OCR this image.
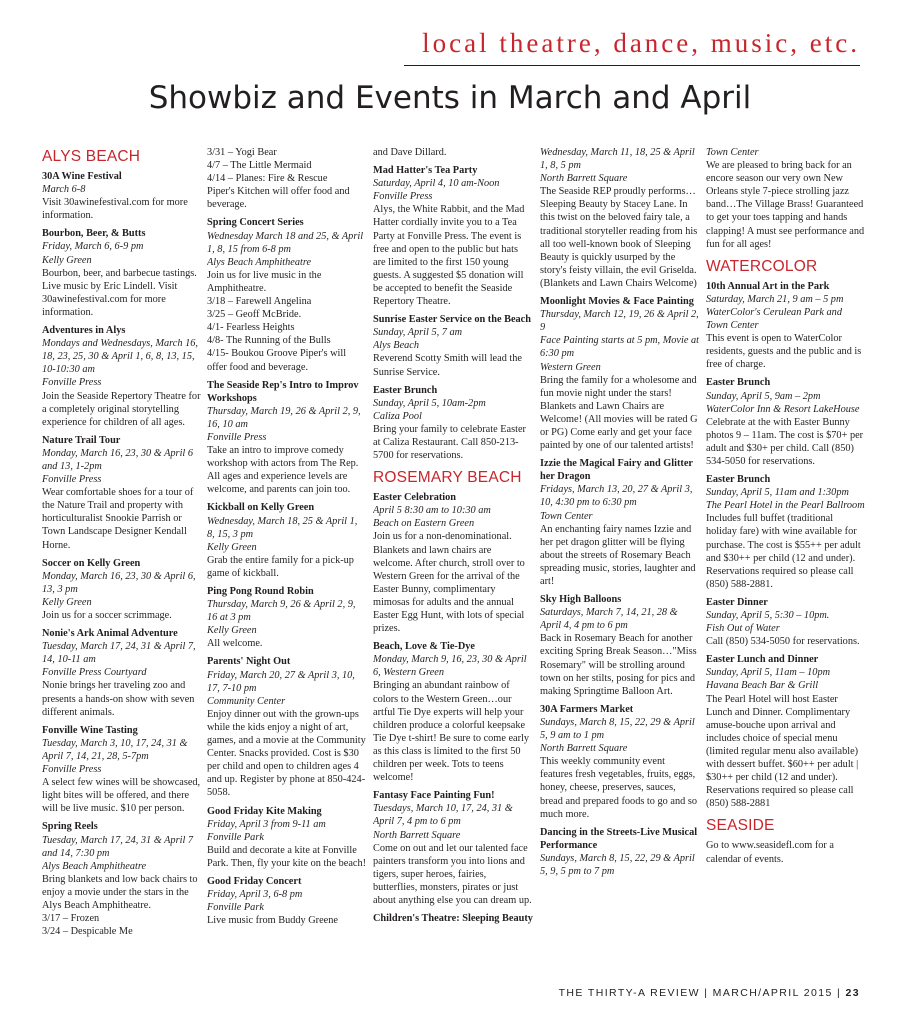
local theatre, dance, music, etc.
Showbiz and Events in March and April
ALYS BEACH

30A Wine Festival

March 6-8

Visit 30awinefestival.com for more information.

Bourbon, Beer, & Butts

Friday, March 6, 6-9 pm

Kelly Green

Bourbon, beer, and barbecue tastings. Live music by Eric Lindell. Visit 30awinefestival.com for more information.

Adventures in Alys

Mondays and Wednesdays, March 16, 18, 23, 25, 30 & April 1, 6, 8, 13, 15, 10-10:30 am

Fonville Press

Join the Seaside Repertory Theatre for a completely original storytelling experience for children of all ages.

Nature Trail Tour

Monday, March 16, 23, 30 & April 6 and 13, 1-2pm

Fonville Press

Wear comfortable shoes for a tour of the Nature Trail and property with horticulturalist Snookie Parrish or Town Landscape Designer Kendall Horne.

Soccer on Kelly Green

Monday, March 16, 23, 30 & April 6, 13, 3 pm

Kelly Green

Join us for a soccer scrimmage.

Nonie's Ark Animal Adventure

Tuesday, March 17, 24, 31 & April 7, 14, 10-11 am

Fonville Press Courtyard

Nonie brings her traveling zoo and presents a hands-on show with seven different animals.

Fonville Wine Tasting

Tuesday, March 3, 10, 17, 24, 31 & April 7, 14, 21, 28, 5-7pm

Fonville Press

A select few wines will be showcased, light bites will be offered, and there will be live music. $10 per person.

Spring Reels

Tuesday, March 17, 24, 31 & April 7 and 14, 7:30 pm

Alys Beach Amphitheatre

Bring blankets and low back chairs to enjoy a movie under the stars in the Alys Beach Amphitheatre.

3/17 – Frozen

3/24 – Despicable Me

3/31 – Yogi Bear

4/7 – The Little Mermaid

4/14 – Planes: Fire & Rescue

Piper's Kitchen will offer food and beverage.

Spring Concert Series

Wednesday March 18 and 25, & April 1, 8, 15 from 6-8 pm

Alys Beach Amphitheatre

Join us for live music in the Amphitheatre.

3/18 – Farewell Angelina

3/25 – Geoff McBride.

4/1- Fearless Heights

4/8- The Running of the Bulls

4/15- Boukou Groove Piper's will offer food and beverage.

The Seaside Rep's Intro to Improv Workshops

Thursday, March 19, 26 & April 2, 9, 16, 10 am

Fonville Press

Take an intro to improve comedy workshop with actors from The Rep. All ages and experience levels are welcome, and parents can join too.

Kickball on Kelly Green

Wednesday, March 18, 25 & April 1, 8, 15, 3 pm

Kelly Green

Grab the entire family for a pick-up game of kickball.

Ping Pong Round Robin

Thursday, March 9, 26 & April 2, 9, 16 at 3 pm

Kelly Green

All welcome.

Parents' Night Out

Friday, March 20, 27 & April 3, 10, 17, 7-10 pm

Community Center

Enjoy dinner out with the grown-ups while the kids enjoy a night of art, games, and a movie at the Community Center. Snacks provided. Cost is $30 per child and open to children ages 4 and up. Register by phone at 850-424-5058.

Good Friday Kite Making

Friday, April 3 from 9-11 am

Fonville Park

Build and decorate a kite at Fonville Park. Then, fly your kite on the beach!

Good Friday Concert

Friday, April 3, 6-8 pm

Fonville Park

Live music from Buddy Greene

and Dave Dillard.

Mad Hatter's Tea Party

Saturday, April 4, 10 am-Noon

Fonville Press

Alys, the White Rabbit, and the Mad Hatter cordially invite you to a Tea Party at Fonville Press. The event is free and open to the public but hats are limited to the first 150 young guests. A suggested $5 donation will be accepted to benefit the Seaside Repertory Theatre.

Sunrise Easter Service on the Beach

Sunday, April 5, 7 am

Alys Beach

Reverend Scotty Smith will lead the Sunrise Service.

Easter Brunch

Sunday, April 5, 10am-2pm

Caliza Pool

Bring your family to celebrate Easter at Caliza Restaurant. Call 850-213-5700 for reservations.

ROSEMARY BEACH

Easter Celebration

April 5 8:30 am to 10:30 am

Beach on Eastern Green

Join us for a non-denominational. Blankets and lawn chairs are welcome. After church, stroll over to Western Green for the arrival of the Easter Bunny, complimentary mimosas for adults and the annual Easter Egg Hunt, with lots of special prizes.

Beach, Love & Tie-Dye

Monday, March 9, 16, 23, 30 & April 6, Western Green

Bringing an abundant rainbow of colors to the Western Green…our artful Tie Dye experts will help your children produce a colorful keepsake Tie Dye t-shirt! Be sure to come early as this class is limited to the first 50 children per week. Tots to teens welcome!

Fantasy Face Painting Fun!

Tuesdays, March 10, 17, 24, 31 & April 7, 4 pm to 6 pm

North Barrett Square

Come on out and let our talented face painters transform you into lions and tigers, super heroes, fairies, butterflies, monsters, pirates or just about anything else you can dream up.

Children's Theatre: Sleeping Beauty

Wednesday, March 11, 18, 25 & April 1, 8, 5 pm

North Barrett Square

The Seaside REP proudly performs…Sleeping Beauty by Stacey Lane. In this twist on the beloved fairy tale, a traditional storyteller reading from his all too well-known book of Sleeping Beauty is quickly usurped by the story's feisty villain, the evil Griselda. (Blankets and Lawn Chairs Welcome)

Moonlight Movies & Face Painting

Thursday, March 12, 19, 26 & April 2, 9

Face Painting starts at 5 pm, Movie at 6:30 pm

Western Green

Bring the family for a wholesome and fun movie night under the stars! Blankets and Lawn Chairs are Welcome! (All movies will be rated G or PG) Come early and get your face painted by one of our talented artists!

Izzie the Magical Fairy and Glitter her Dragon

Fridays, March 13, 20, 27 & April 3, 10, 4:30 pm to 6:30 pm

Town Center

An enchanting fairy names Izzie and her pet dragon glitter will be flying about the streets of Rosemary Beach spreading music, stories, laughter and art!

Sky High Balloons

Saturdays, March 7, 14, 21, 28 & April 4, 4 pm to 6 pm

Back in Rosemary Beach for another exciting Spring Break Season…"Miss Rosemary" will be strolling around town on her stilts, posing for pics and making Springtime Balloon Art.

30A Farmers Market

Sundays, March 8, 15, 22, 29 & April 5, 9 am to 1 pm

North Barrett Square

This weekly community event features fresh vegetables, fruits, eggs, honey, cheese, preserves, sauces, bread and prepared foods to go and so much more.

Dancing in the Streets-Live Musical Performance

Sundays, March 8, 15, 22, 29 & April 5, 9, 5 pm to 7 pm

Town Center

We are pleased to bring back for an encore season our very own New Orleans style 7-piece strolling jazz band…The Village Brass! Guaranteed to get your toes tapping and hands clapping! A must see performance and fun for all ages!

WATERCOLOR

10th Annual Art in the Park

Saturday, March 21, 9 am – 5 pm

WaterColor's Cerulean Park and Town Center

This event is open to WaterColor residents, guests and the public and is free of charge.

Easter Brunch

Sunday, April 5, 9am – 2pm

WaterColor Inn & Resort LakeHouse

Celebrate at the with Easter Bunny photos 9 – 11am. The cost is $70+ per adult and $30+ per child. Call (850) 534-5050 for reservations.

Easter Brunch

Sunday, April 5, 11am and 1:30pm

The Pearl Hotel in the Pearl Ballroom

Includes full buffet (traditional holiday fare) with wine available for purchase. The cost is $55++ per adult and $30++ per child (12 and under). Reservations required so please call (850) 588-2881.

Easter Dinner

Sunday, April 5, 5:30 – 10pm.

Fish Out of Water

Call (850) 534-5050 for reservations.

Easter Lunch and Dinner

Sunday, April 5, 11am – 10pm

Havana Beach Bar & Grill

The Pearl Hotel will host Easter Lunch and Dinner. Complimentary amuse-bouche upon arrival and includes choice of special menu (limited regular menu also available) with dessert buffet. $60++ per adult | $30++ per child (12 and under). Reservations required so please call (850) 588-2881

SEASIDE

Go to www.seasidefl.com for a calendar of events.

THE THIRTY-A REVIEW | MARCH/APRIL 2015 | 23
